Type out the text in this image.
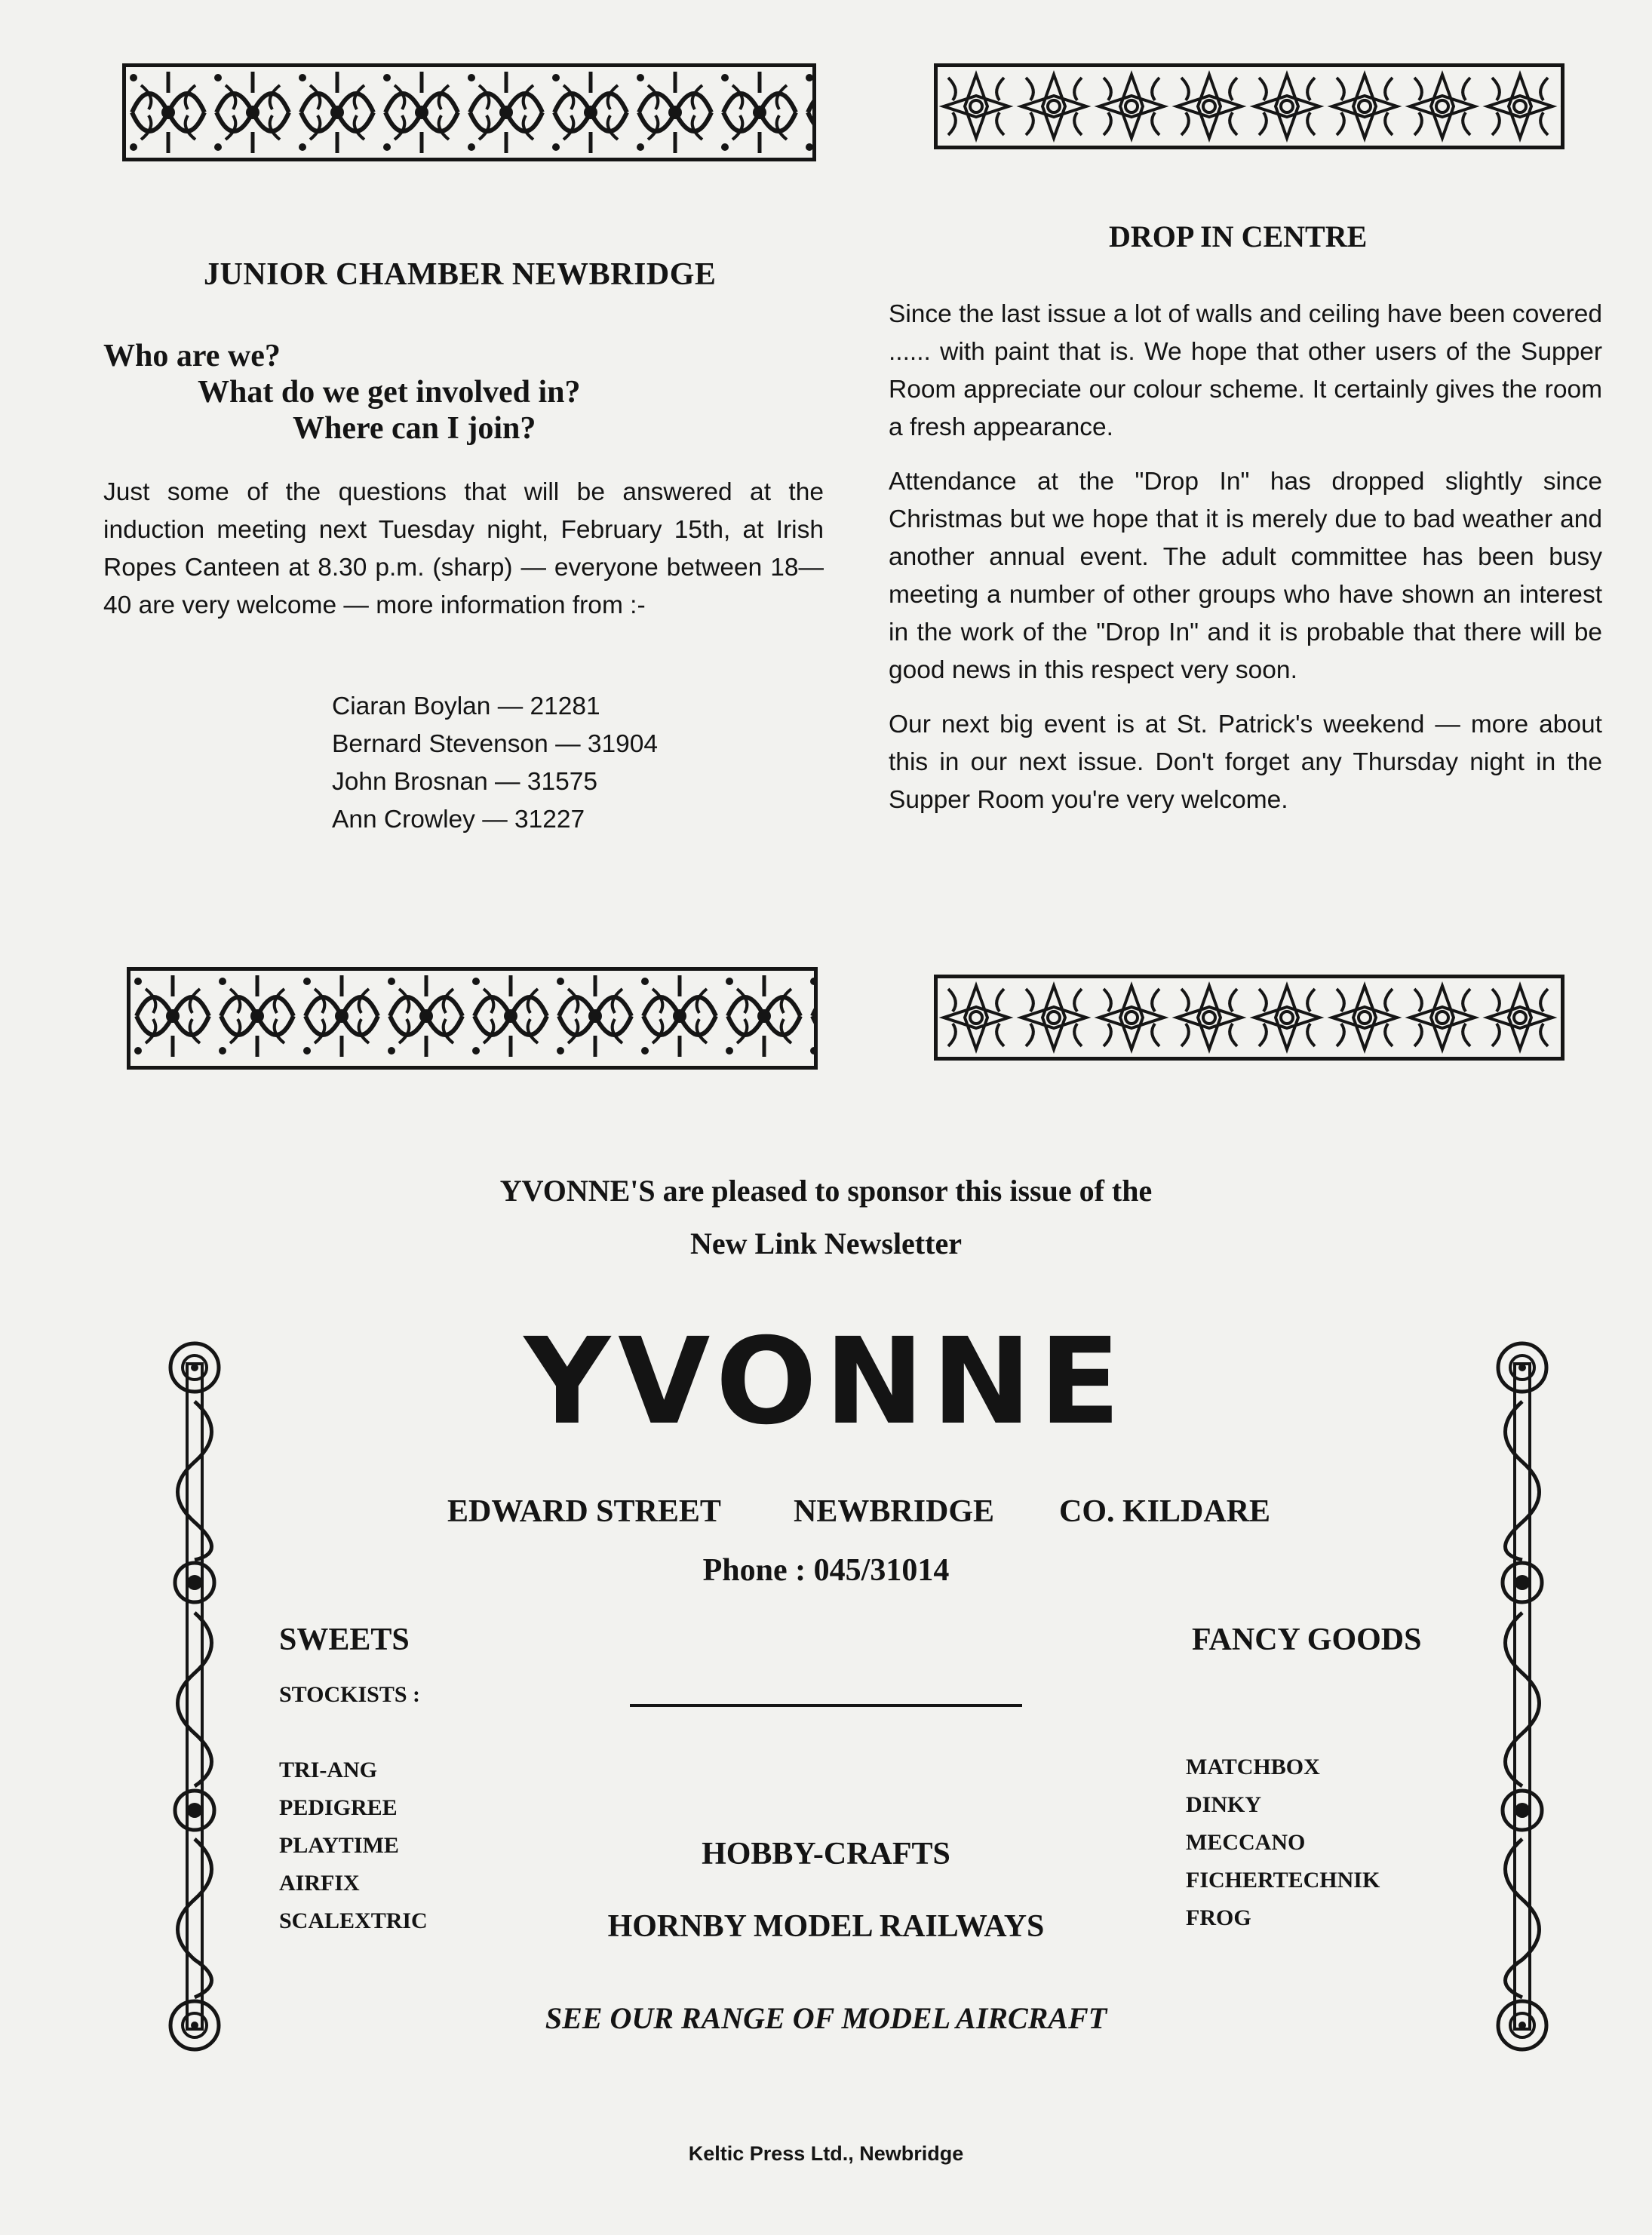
JUNIOR CHAMBER NEWBRIDGE
Who are we?
What do we get involved in?
Where can I join?
Just some of the questions that will be answered at the induction meeting next Tuesday night, February 15th, at Irish Ropes Canteen at 8.30 p.m. (sharp) — everyone between 18—40 are very welcome — more information from :-
Ciaran Boylan — 21281
Bernard Stevenson — 31904
John Brosnan — 31575
Ann Crowley — 31227
DROP IN CENTRE

Since the last issue a lot of walls and ceiling have been covered ...... with paint that is. We hope that other users of the Supper Room appreciate our colour scheme. It certainly gives the room a fresh appearance.

Attendance at the "Drop In" has dropped slightly since Christmas but we hope that it is merely due to bad weather and another annual event. The adult committee has been busy meeting a number of other groups who have shown an interest in the work of the "Drop In" and it is probable that there will be good news in this respect very soon.

Our next big event is at St. Patrick's weekend — more about this in our next issue. Don't forget any Thursday night in the Supper Room you're very welcome.

YVONNE'S are pleased to sponsor this issue of the
New Link Newsletter
YVONNE
EDWARD STREET NEWBRIDGE CO. KILDARE
Phone : 045/31014
SWEETS
STOCKISTS :
FANCY GOODS
TRI-ANG
PEDIGREE
PLAYTIME
AIRFIX
SCALEXTRIC
MATCHBOX
DINKY
MECCANO
FICHERTECHNIK
FROG
HOBBY-CRAFTS
HORNBY MODEL RAILWAYS
SEE OUR RANGE OF MODEL AIRCRAFT
Keltic Press Ltd., Newbridge
